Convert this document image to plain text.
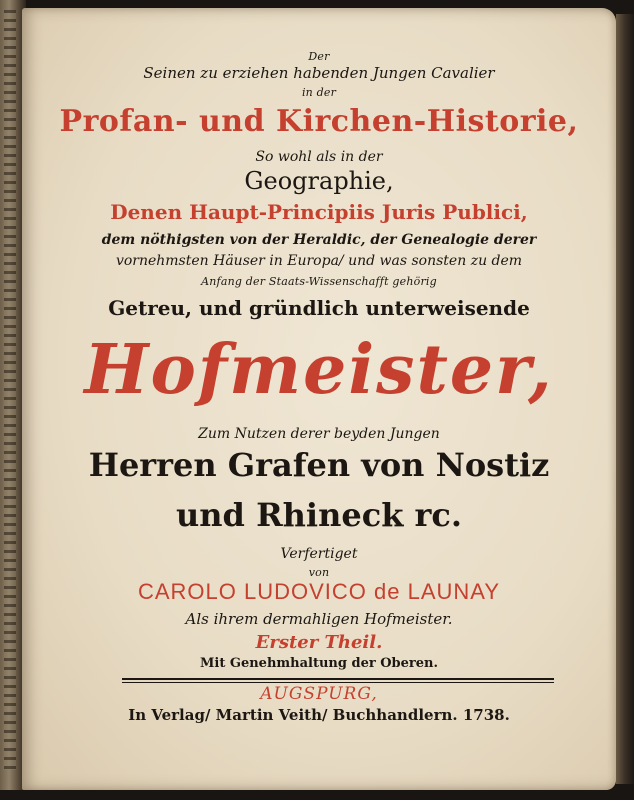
Der
Seinen zu erziehen habenden Jungen Cavalier
in der
Profan- und Kirchen-Historie,
So wohl als in der
Geographie,
Denen Haupt-Principiis Juris Publici,
dem nöthigsten von der Heraldic, der Genealogie derer
vornehmsten Häuser in Europa/ und was sonsten zu dem
Anfang der Staats-Wissenschafft gehörig
Getreu, und gründlich unterweisende
Hofmeister,
Zum Nutzen derer beyden Jungen
Herren Grafen von Nostiz
und Rhineck rc.
Verfertiget
von
CAROLO LUDOVICO de LAUNAY
Als ihrem dermahligen Hofmeister.
Erster Theil.
Mit Genehmhaltung der Oberen.
AUGSPURG,
In Verlag/ Martin Veith/ Buchhandlern. 1738.
